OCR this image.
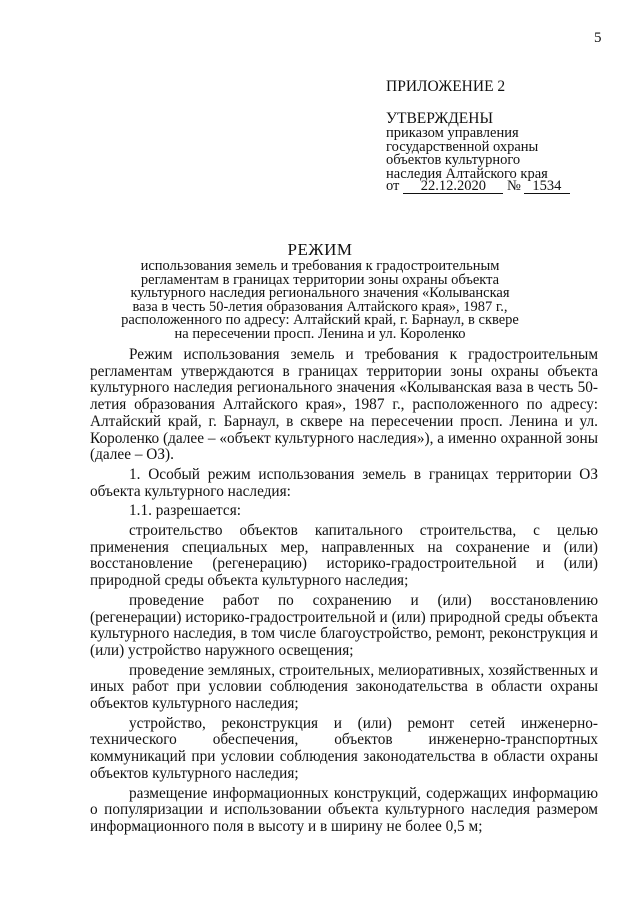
5
ПРИЛОЖЕНИЕ 2
УТВЕРЖДЕНЫ
приказом управления
государственной охраны
объектов культурного
наследия Алтайского края
от 22.12.2020 № 1534
РЕЖИМ
использования земель и требования к градостроительным
регламентам в границах территории зоны охраны объекта
культурного наследия регионального значения «Колыванская
ваза в честь 50-летия образования Алтайского края», 1987 г.,
расположенного по адресу: Алтайский край, г. Барнаул, в сквере
на пересечении просп. Ленина и ул. Короленко

Режим использования земель и требования к градостроительным регламентам утверждаются в границах территории зоны охраны объекта культурного наследия регионального значения «Колыванская ваза в честь 50-летия образования Алтайского края», 1987 г., расположенного по адресу: Алтайский край, г. Барнаул, в сквере на пересечении просп. Ленина и ул. Короленко (далее – «объект культурного наследия»), а именно охранной зоны (далее – ОЗ).

1. Особый режим использования земель в границах территории ОЗ объекта культурного наследия:

1.1. разрешается:

строительство объектов капитального строительства, с целью применения специальных мер, направленных на сохранение и (или) восстановление (регенерацию) историко-градостроительной и (или) природной среды объекта культурного наследия;

проведение работ по сохранению и (или) восстановлению (регенерации) историко-градостроительной и (или) природной среды объекта культурного наследия, в том числе благоустройство, ремонт, реконструкция и (или) устройство наружного освещения;

проведение земляных, строительных, мелиоративных, хозяйственных и иных работ при условии соблюдения законодательства в области охраны объектов культурного наследия;

устройство, реконструкция и (или) ремонт сетей инженерно-технического обеспечения, объектов инженерно-транспортных коммуникаций при условии соблюдения законодательства в области охраны объектов культурного наследия;

размещение информационных конструкций, содержащих информацию о популяризации и использовании объекта культурного наследия размером информационного поля в высоту и в ширину не более 0,5 м;
